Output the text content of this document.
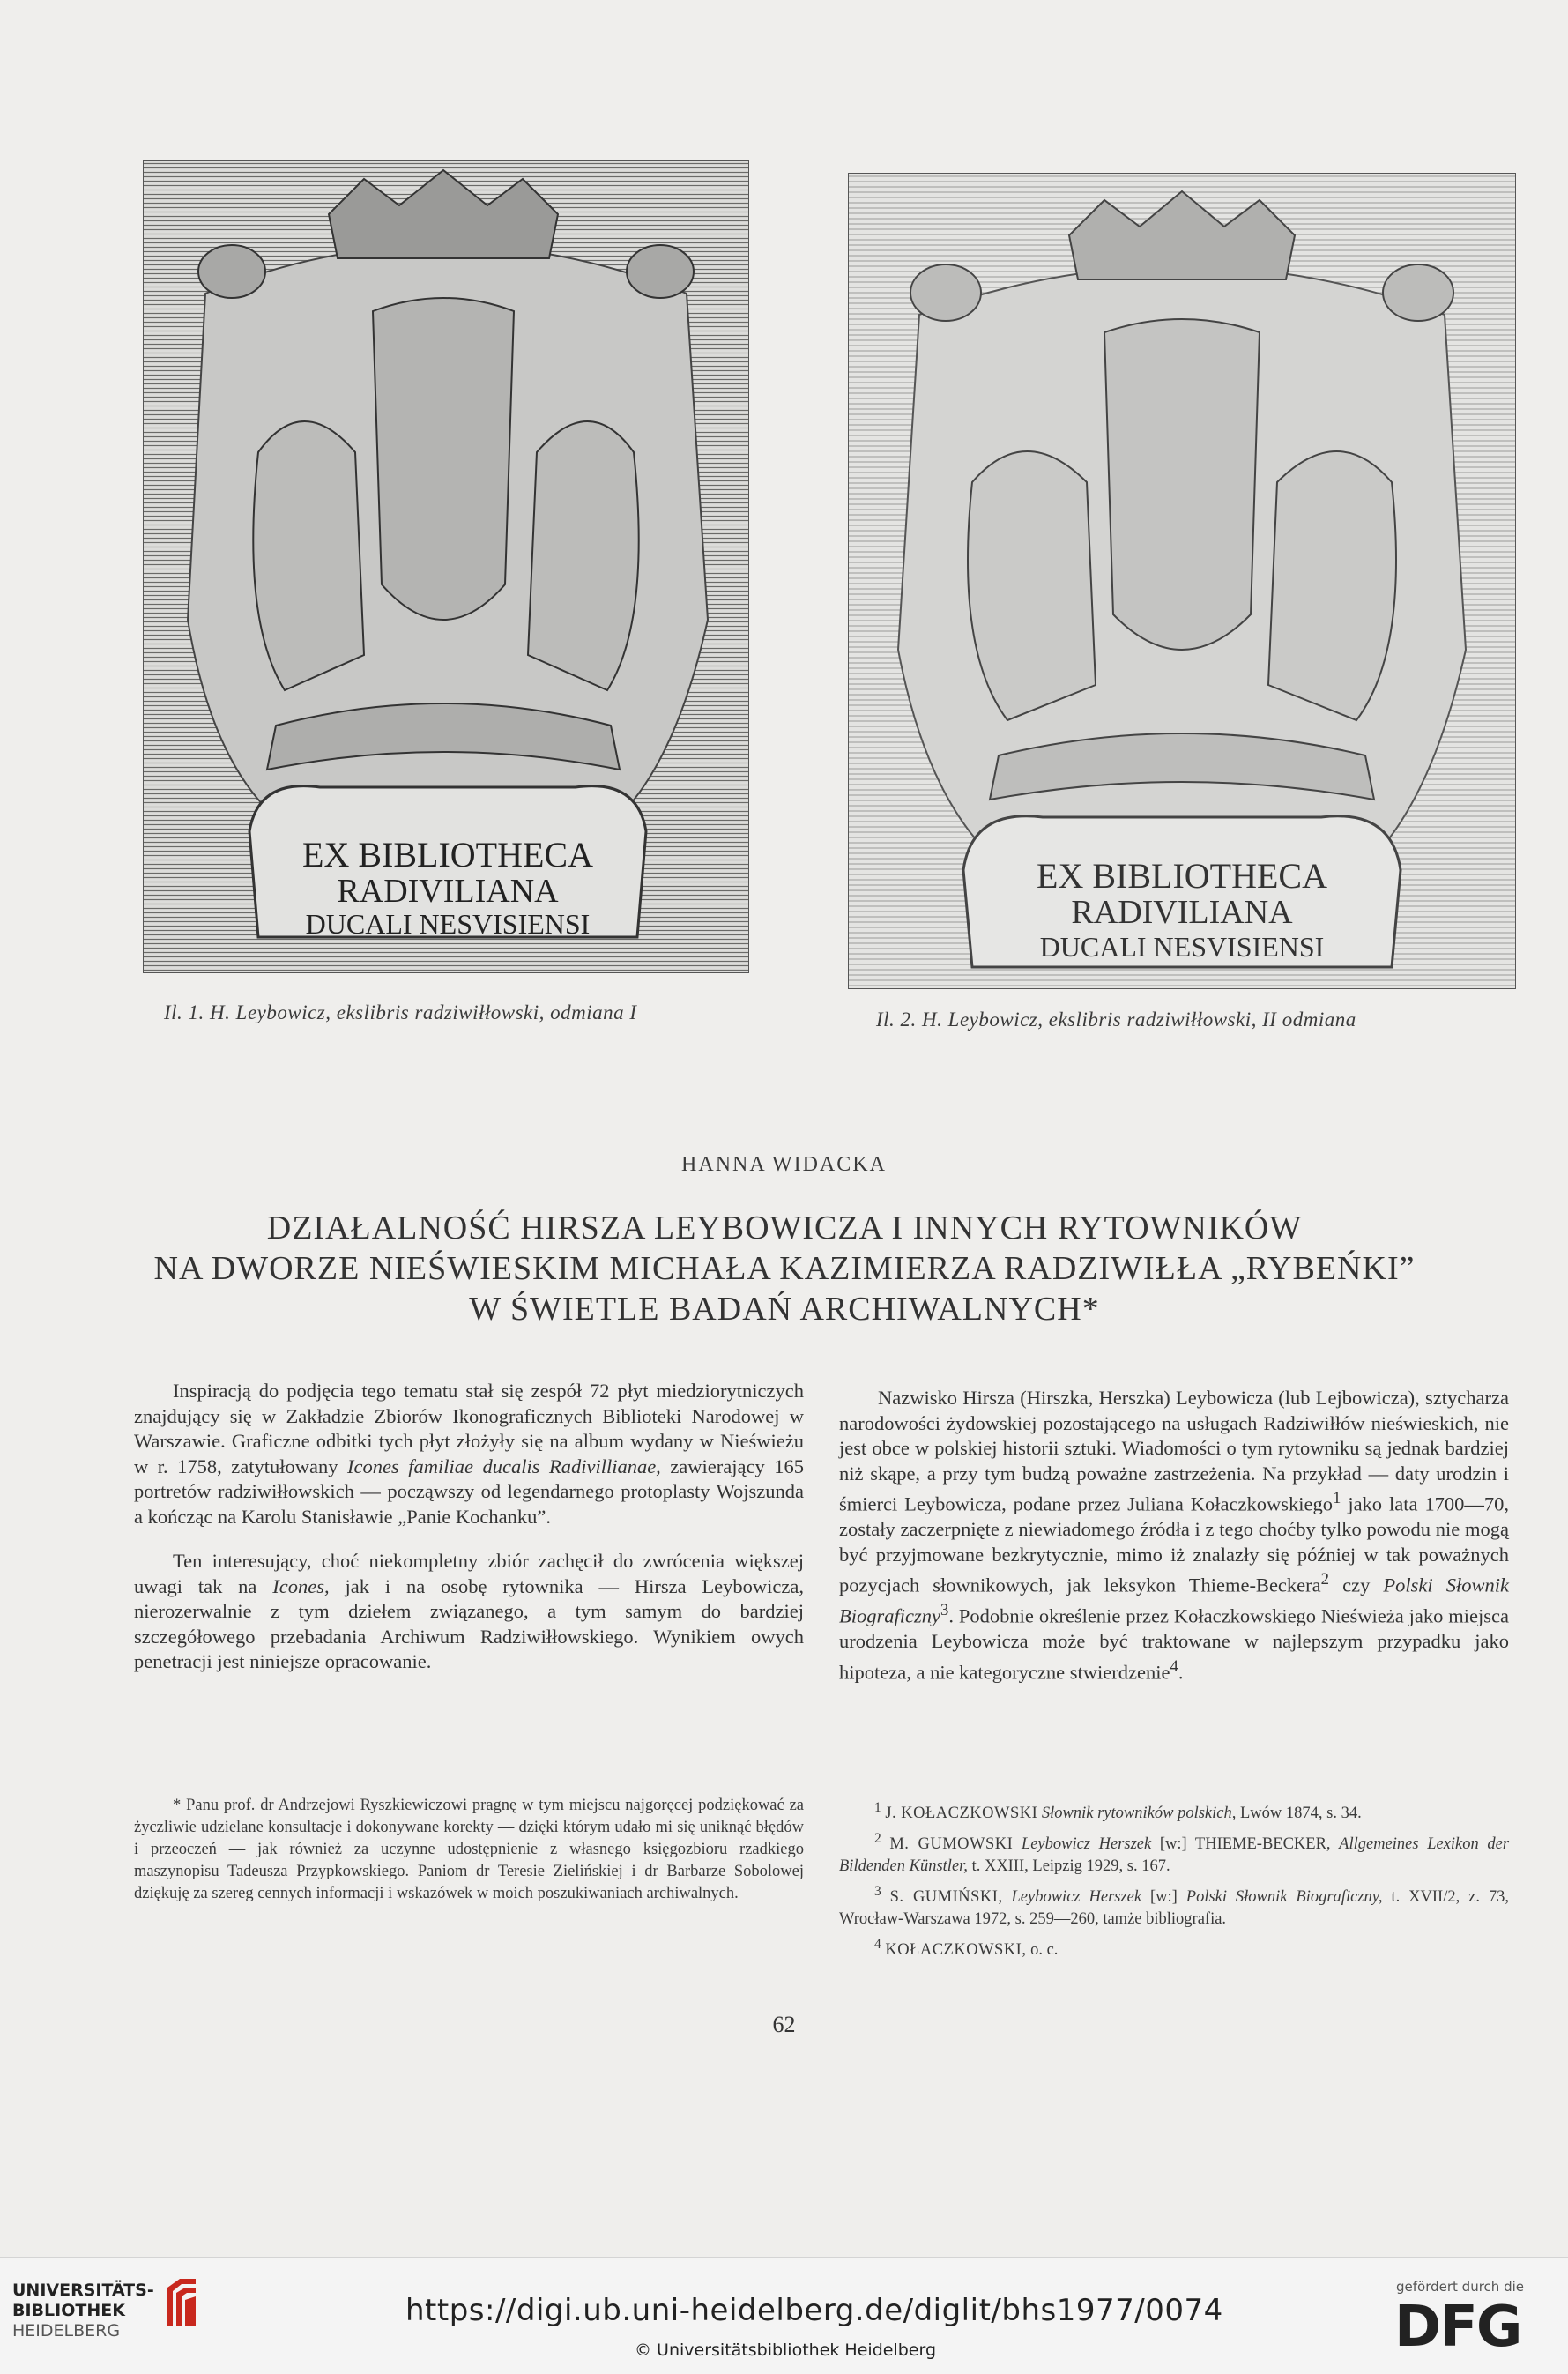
EX BIBLIOTHECA
RADIVILIANA
DUCALI NESVISIENSI
Il. 1. H. Leybowicz, ekslibris radziwiłłowski, odmiana I
EX BIBLIOTHECA
RADIVILIANA
DUCALI NESVISIENSI
Il. 2. H. Leybowicz, ekslibris radziwiłłowski, II odmiana
HANNA WIDACKA
DZIAŁALNOŚĆ HIRSZA LEYBOWICZA I INNYCH RYTOWNIKÓW
NA DWORZE NIEŚWIESKIM MICHAŁA KAZIMIERZA RADZIWIŁŁA „RYBEŃKI”
W ŚWIETLE BADAŃ ARCHIWALNYCH*

Inspiracją do podjęcia tego tematu stał się zespół 72 płyt miedziorytniczych znajdujący się w Zakładzie Zbiorów Ikonograficznych Biblioteki Narodowej w Warszawie. Graficzne odbitki tych płyt złożyły się na album wydany w Nieświeżu w r. 1758, zatytułowany Icones familiae ducalis Radivillianae, zawierający 165 portretów radziwiłłowskich — począwszy od legendarnego protoplasty Wojszunda a kończąc na Karolu Stanisławie „Panie Kochanku”.

Ten interesujący, choć niekompletny zbiór zachęcił do zwrócenia większej uwagi tak na Icones, jak i na osobę rytownika — Hirsza Leybowicza, nierozerwalnie z tym dziełem związanego, a tym samym do bardziej szczegółowego przebadania Archiwum Radziwiłłowskiego. Wynikiem owych penetracji jest niniejsze opracowanie.

Nazwisko Hirsza (Hirszka, Herszka) Leybowicza (lub Lejbowicza), sztycharza narodowości żydowskiej pozostającego na usługach Radziwiłłów nieświeskich, nie jest obce w polskiej historii sztuki. Wiadomości o tym rytowniku są jednak bardziej niż skąpe, a przy tym budzą poważne zastrzeżenia. Na przykład — daty urodzin i śmierci Leybowicza, podane przez Juliana Kołaczkowskiego$^1$ jako lata 1700—70, zostały zaczerpnięte z niewiadomego źródła i z tego choćby tylko powodu nie mogą być przyjmowane bezkrytycznie, mimo iż znalazły się później w tak poważnych pozycjach słownikowych, jak leksykon Thieme-Beckera$^2$ czy Polski Słownik Biograficzny$^3$. Podobnie określenie przez Kołaczkowskiego Nieświeża jako miejsca urodzenia Leybowicza może być traktowane w najlepszym przypadku jako hipoteza, a nie kategoryczne stwierdzenie$^4$.

* Panu prof. dr Andrzejowi Ryszkiewiczowi pragnę w tym miejscu najgoręcej podziękować za życzliwie udzielane konsultacje i dokonywane korekty — dzięki którym udało mi się uniknąć błędów i przeoczeń — jak również za uczynne udostępnienie z własnego księgozbioru rzadkiego maszynopisu Tadeusza Przypkowskiego. Paniom dr Teresie Zielińskiej i dr Barbarze Sobolowej dziękuję za szereg cennych informacji i wskazówek w moich poszukiwaniach archiwalnych.

$^1$ J. KOŁACZKOWSKI Słownik rytowników polskich, Lwów 1874, s. 34.

$^2$ M. GUMOWSKI Leybowicz Herszek [w:] THIEME-BECKER, Allgemeines Lexikon der Bildenden Künstler, t. XXIII, Leipzig 1929, s. 167.

$^3$ S. GUMIŃSKI, Leybowicz Herszek [w:] Polski Słownik Biograficzny, t. XVII/2, z. 73, Wrocław-Warszawa 1972, s. 259—260, tamże bibliografia.

$^4$ KOŁACZKOWSKI, o. c.

62
UNIVERSITÄTS-
BIBLIOTHEK
HEIDELBERG
https://digi.ub.uni-heidelberg.de/diglit/bhs1977/0074
© Universitätsbibliothek Heidelberg
gefördert durch die
DFG
